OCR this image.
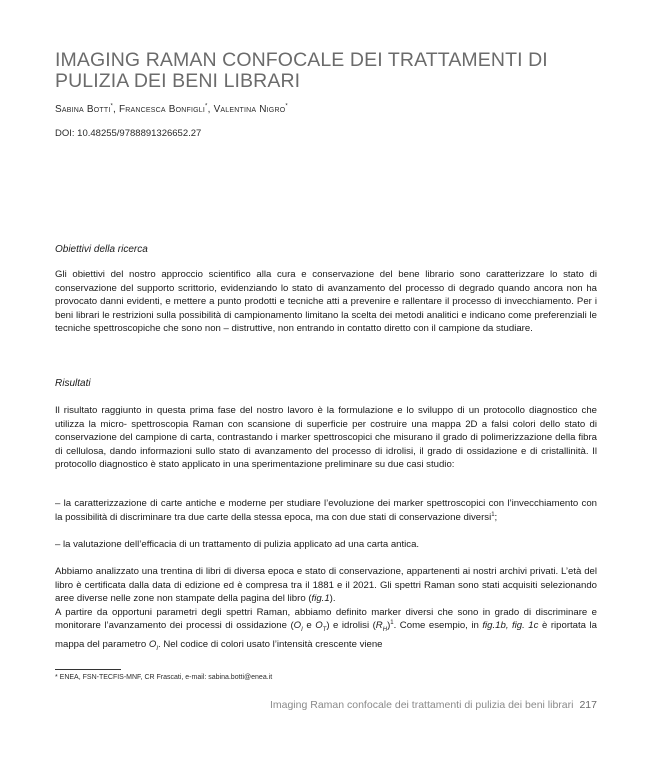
IMAGING RAMAN CONFOCALE DEI TRATTAMENTI DI PULIZIA DEI BENI LIBRARI
Sabina Botti*, Francesca Bonfigli*, Valentina Nigro*
DOI: 10.48255/9788891326652.27
Obiettivi della ricerca

Gli obiettivi del nostro approccio scientifico alla cura e conservazione del bene librario sono caratterizzare lo stato di conservazione del supporto scrittorio, evidenziando lo stato di avanzamento del processo di degrado quando ancora non ha provocato danni evidenti, e mettere a punto prodotti e tecniche atti a prevenire e rallentare il processo di invecchiamento. Per i beni librari le restrizioni sulla possibilità di campionamento limitano la scelta dei metodi analitici e indicano come preferenziali le tecniche spettroscopiche che sono non – distruttive, non entrando in contatto diretto con il campione da studiare.

Risultati

Il risultato raggiunto in questa prima fase del nostro lavoro è la formulazione e lo sviluppo di un protocollo diagnostico che utilizza la micro- spettroscopia Raman con scansione di superficie per costruire una mappa 2D a falsi colori dello stato di conservazione del campione di carta, contrastando i marker spettroscopici che misurano il grado di polimerizzazione della fibra di cellulosa, dando informazioni sullo stato di avanzamento del processo di idrolisi, il grado di ossidazione e di cristallinità. Il protocollo diagnostico è stato applicato in una sperimentazione preliminare su due casi studio:

– la caratterizzazione di carte antiche e moderne per studiare l’evoluzione dei marker spettroscopici con l’invecchiamento con la possibilità di discriminare tra due carte della stessa epoca, ma con due stati di conservazione diversi$^1$;

– la valutazione dell’efficacia di un trattamento di pulizia applicato ad una carta antica.

Abbiamo analizzato una trentina di libri di diversa epoca e stato di conservazione, appartenenti ai nostri archivi privati. L’età del libro è certificata dalla data di edizione ed è compresa tra il 1881 e il 2021. Gli spettri Raman sono stati acquisiti selezionando aree diverse nelle zone non stampate della pagina del libro (fig.1).

A partire da opportuni parametri degli spettri Raman, abbiamo definito marker diversi che sono in grado di discriminare e monitorare l’avanzamento dei processi di ossidazione ($O_I$ e $O_T$) e idrolisi $(R_H)^1$. Come esempio, in fig.1b, fig. 1c è riportata la mappa del parametro $O_I$. Nel codice di colori usato l’intensità crescente viene

* ENEA, FSN-TECFIS-MNF, CR Frascati, e-mail: sabina.botti@enea.it
Imaging Raman confocale dei trattamenti di pulizia dei beni librari 217
